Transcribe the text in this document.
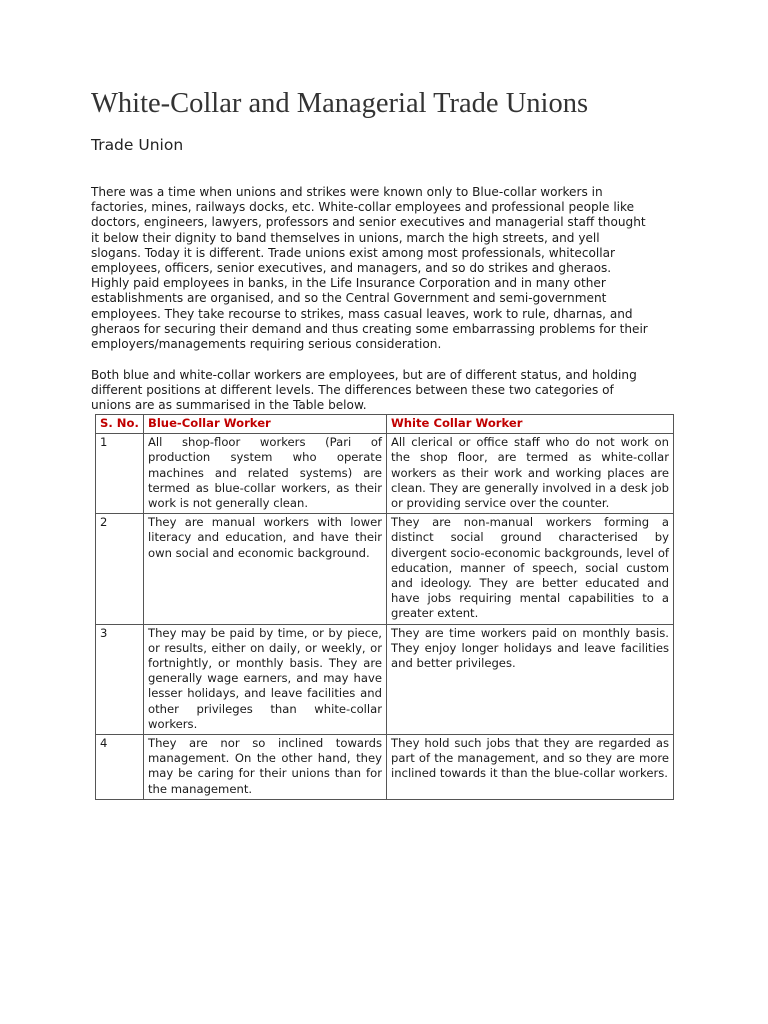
White-Collar and Managerial Trade Unions
Trade Union

There was a time when unions and strikes were known only to Blue-collar workers in
factories, mines, railways docks, etc. White-collar employees and professional people like
doctors, engineers, lawyers, professors and senior executives and managerial staff thought
it below their dignity to band themselves in unions, march the high streets, and yell
slogans. Today it is different. Trade unions exist among most professionals, whitecollar
employees, officers, senior executives, and managers, and so do strikes and gheraos.
Highly paid employees in banks, in the Life Insurance Corporation and in many other
establishments are organised, and so the Central Government and semi-government
employees. They take recourse to strikes, mass casual leaves, work to rule, dharnas, and
gheraos for securing their demand and thus creating some embarrassing problems for their
employers/managements requiring serious consideration.

Both blue and white-collar workers are employees, but are of different status, and holding
different positions at different levels. The differences between these two categories of
unions are as summarised in the Table below.

S. No.	Blue-Collar Worker	White Collar Worker
1	All shop-floor workers (Pari of production system who operate machines and related systems) are termed as blue-collar workers, as their work is not generally clean.	All clerical or office staff who do not work on the shop floor, are termed as white-collar workers as their work and working places are clean. They are generally involved in a desk job or providing service over the counter.
2	They are manual workers with lower literacy and education, and have their own social and economic background.	They are non-manual workers forming a distinct social ground characterised by divergent socio-economic backgrounds, level of education, manner of speech, social custom and ideology. They are better educated and have jobs requiring mental capabilities to a greater extent.
3	They may be paid by time, or by piece, or results, either on daily, or weekly, or fortnightly, or monthly basis. They are generally wage earners, and may have lesser holidays, and leave facilities and other privileges than white-collar workers.	They are time workers paid on monthly basis. They enjoy longer holidays and leave facilities and better privileges.
4	They are nor so inclined towards management. On the other hand, they may be caring for their unions than for the management.	They hold such jobs that they are regarded as part of the management, and so they are more inclined towards it than the blue-collar workers.
